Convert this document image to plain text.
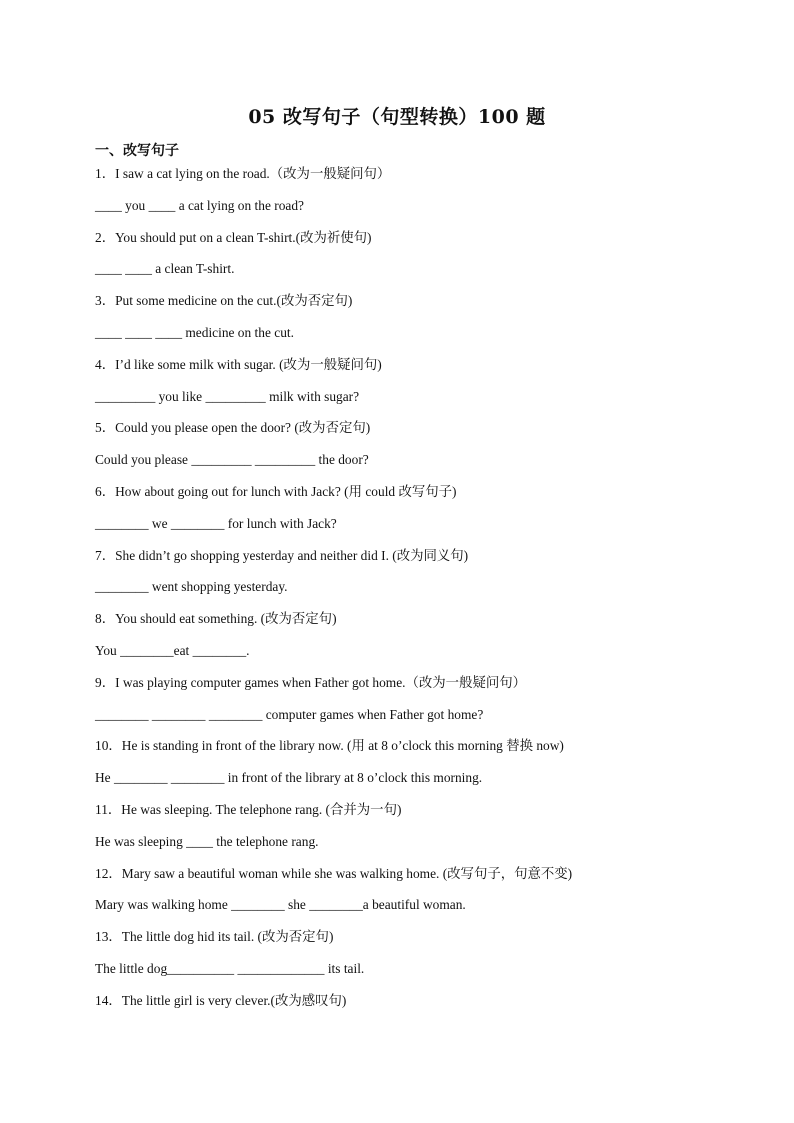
05 改写句子（句型转换）100 题
一、改写句子
1．I saw a cat lying on the road.（改为一般疑问句）
____ you ____ a cat lying on the road?
2．You should put on a clean T-shirt.(改为祈使句)
____ ____ a clean T-shirt.
3．Put some medicine on the cut.(改为否定句)
____ ____ ____ medicine on the cut.
4．I’d like some milk with sugar. (改为一般疑问句)
_________ you like _________ milk with sugar?
5．Could you please open the door? (改为否定句)
Could you please _________ _________ the door?
6．How about going out for lunch with Jack? (用 could 改写句子)
________ we ________ for lunch with Jack?
7．She didn’t go shopping yesterday and neither did I. (改为同义句)
________ went shopping yesterday.
8．You should eat something. (改为否定句)
You ________eat ________.
9．I was playing computer games when Father got home.（改为一般疑问句）
________ ________ ________ computer games when Father got home?
10．He is standing in front of the library now. (用 at 8 o’clock this morning 替换 now)
He ________ ________ in front of the library at 8 o’clock this morning.
11．He was sleeping. The telephone rang. (合并为一句)
He was sleeping ____ the telephone rang.
12．Mary saw a beautiful woman while she was walking home. (改写句子，句意不变)
Mary was walking home ________ she ________a beautiful woman.
13．The little dog hid its tail. (改为否定句)
The little dog__________ _____________ its tail.
14．The little girl is very clever.(改为感叹句)
